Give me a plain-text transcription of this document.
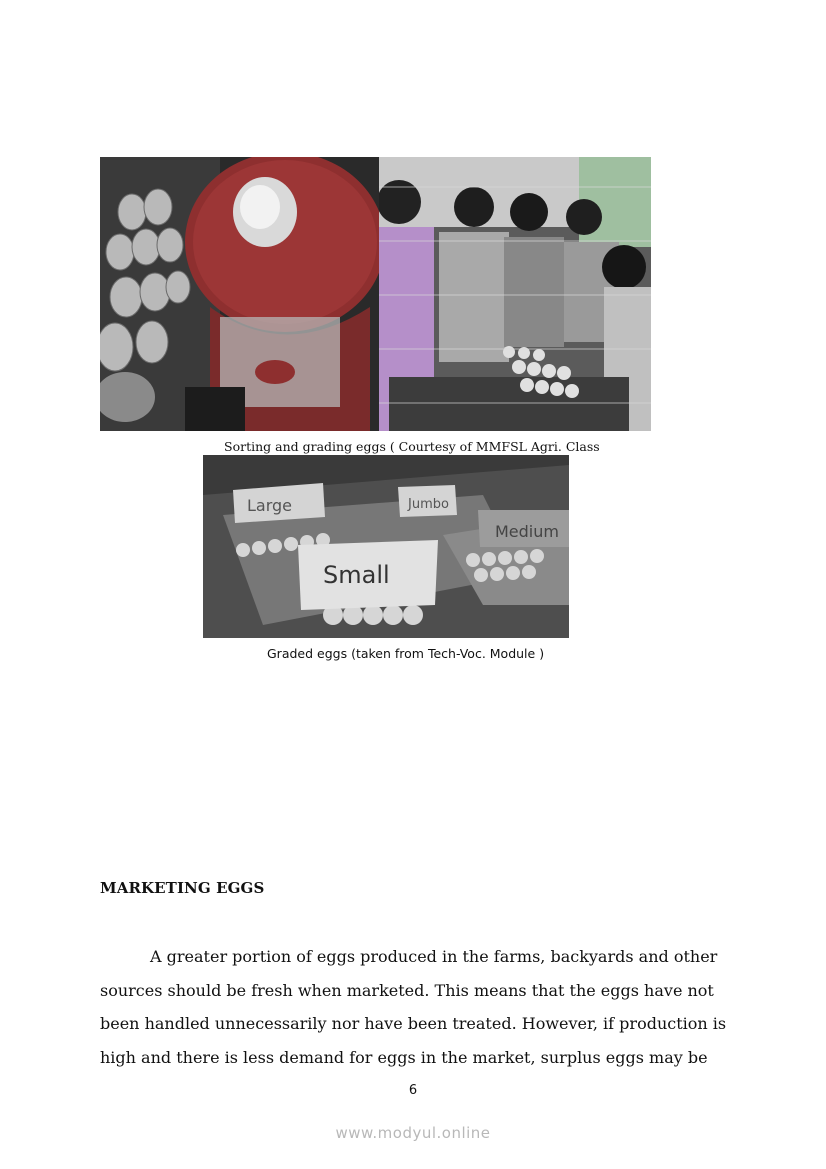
Sorting and grading eggs ( Courtesy of MMFSL Agri. Class
Large	Jumbo
Medium
Small
Graded eggs (taken from Tech-Voc. Module )
MARKETING EGGS
A greater portion of eggs produced in the farms, backyards and other
sources should be fresh when marketed. This means that the eggs have not
been handled unnecessarily nor have been treated. However, if production is
high and there is less demand for eggs in the market, surplus eggs may be
6
www.modyul.online
